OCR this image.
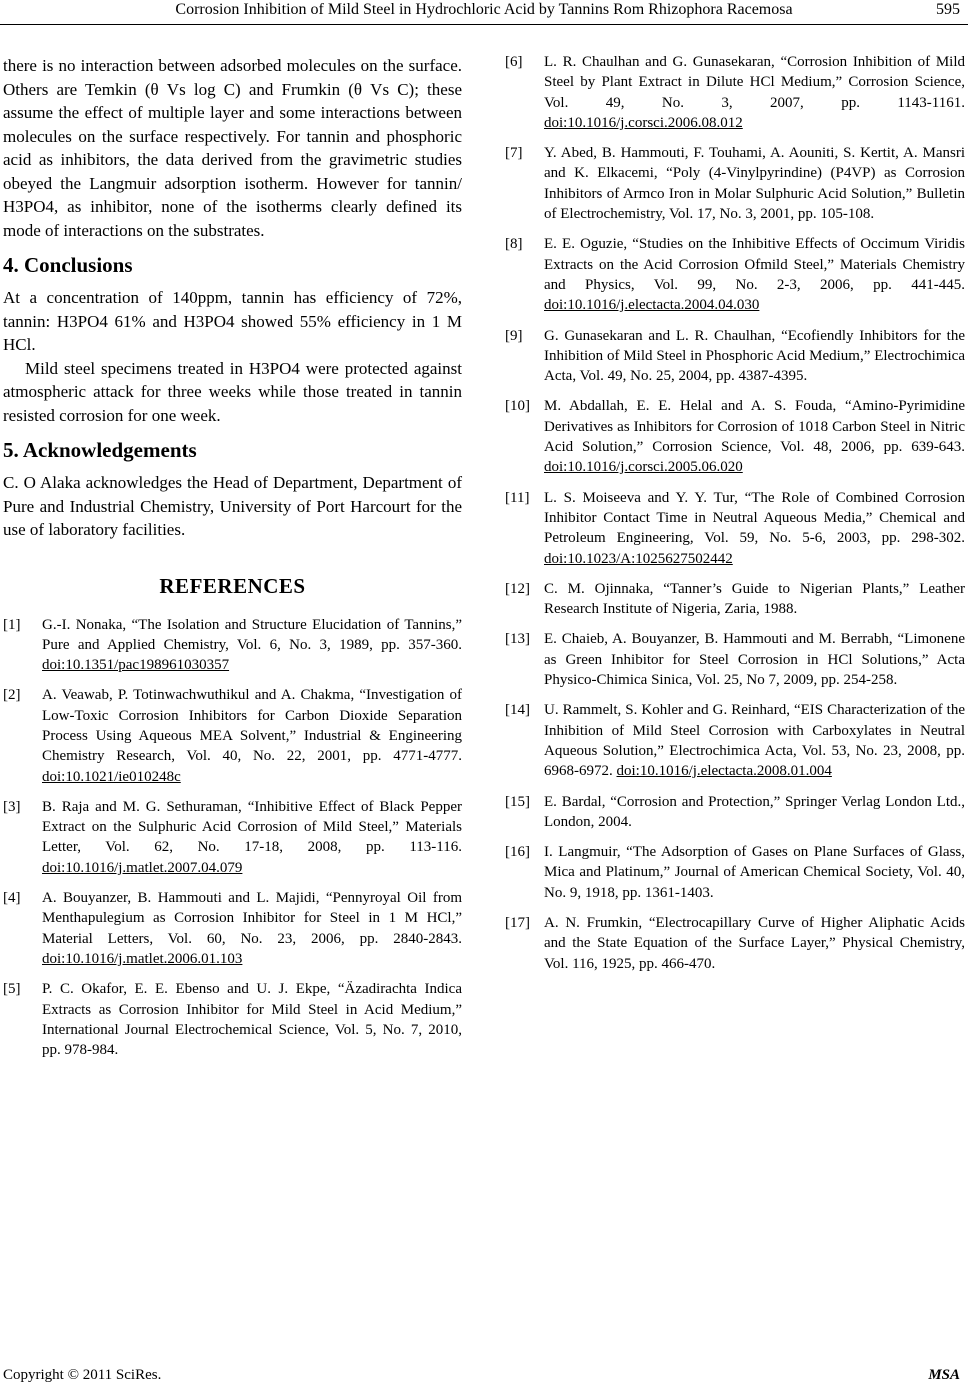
Corrosion Inhibition of Mild Steel in Hydrochloric Acid by Tannins Rom Rhizophora Racemosa	595

there is no interaction between adsorbed molecules on the surface. Others are Temkin (θ Vs log C) and Frumkin (θ Vs C); these assume the effect of multiple layer and some interactions between molecules on the surface respectively. For tannin and phosphoric acid as inhibitors, the data derived from the gravimetric studies obeyed the Langmuir adsorption isotherm. However for tannin/ H3PO4, as inhibitor, none of the isotherms clearly defined its mode of interactions on the substrates.

4. Conclusions

At a concentration of 140ppm, tannin has efficiency of 72%, tannin: H3PO4 61% and H3PO4 showed 55% efficiency in 1 M HCl.

Mild steel specimens treated in H3PO4 were protected against atmospheric attack for three weeks while those treated in tannin resisted corrosion for one week.

5. Acknowledgements

C. O Alaka acknowledges the Head of Department, Department of Pure and Industrial Chemistry, University of Port Harcourt for the use of laboratory facilities.

REFERENCES
[1] G.-I. Nonaka, “The Isolation and Structure Elucidation of Tannins,” Pure and Applied Chemistry, Vol. 6, No. 3, 1989, pp. 357-360. doi:10.1351/pac198961030357
[2] A. Veawab, P. Totinwachwuthikul and A. Chakma, “Investigation of Low-Toxic Corrosion Inhibitors for Carbon Dioxide Separation Process Using Aqueous MEA Solvent,” Industrial & Engineering Chemistry Research, Vol. 40, No. 22, 2001, pp. 4771-4777. doi:10.1021/ie010248c
[3] B. Raja and M. G. Sethuraman, “Inhibitive Effect of Black Pepper Extract on the Sulphuric Acid Corrosion of Mild Steel,” Materials Letter, Vol. 62, No. 17-18, 2008, pp. 113-116. doi:10.1016/j.matlet.2007.04.079
[4] A. Bouyanzer, B. Hammouti and L. Majidi, “Pennyroyal Oil from Menthapulegium as Corrosion Inhibitor for Steel in 1 M HCl,” Material Letters, Vol. 60, No. 23, 2006, pp. 2840-2843. doi:10.1016/j.matlet.2006.01.103
[5] P. C. Okafor, E. E. Ebenso and U. J. Ekpe, “Äzadirachta Indica Extracts as Corrosion Inhibitor for Mild Steel in Acid Medium,” International Journal Electrochemical Science, Vol. 5, No. 7, 2010, pp. 978-984.
[6] L. R. Chaulhan and G. Gunasekaran, “Corrosion Inhibition of Mild Steel by Plant Extract in Dilute HCl Medium,” Corrosion Science, Vol. 49, No. 3, 2007, pp. 1143-1161. doi:10.1016/j.corsci.2006.08.012
[7] Y. Abed, B. Hammouti, F. Touhami, A. Aouniti, S. Kertit, A. Mansri and K. Elkacemi, “Poly (4-Vinylpyrindine) (P4VP) as Corrosion Inhibitors of Armco Iron in Molar Sulphuric Acid Solution,” Bulletin of Electrochemistry, Vol. 17, No. 3, 2001, pp. 105-108.
[8] E. E. Oguzie, “Studies on the Inhibitive Effects of Occimum Viridis Extracts on the Acid Corrosion Ofmild Steel,” Materials Chemistry and Physics, Vol. 99, No. 2-3, 2006, pp. 441-445. doi:10.1016/j.electacta.2004.04.030
[9] G. Gunasekaran and L. R. Chaulhan, “Ecofiendly Inhibitors for the Inhibition of Mild Steel in Phosphoric Acid Medium,” Electrochimica Acta, Vol. 49, No. 25, 2004, pp. 4387-4395.
[10] M. Abdallah, E. E. Helal and A. S. Fouda, “Amino-Pyrimidine Derivatives as Inhibitors for Corrosion of 1018 Carbon Steel in Nitric Acid Solution,” Corrosion Science, Vol. 48, 2006, pp. 639-643. doi:10.1016/j.corsci.2005.06.020
[11] L. S. Moiseeva and Y. Y. Tur, “The Role of Combined Corrosion Inhibitor Contact Time in Neutral Aqueous Media,” Chemical and Petroleum Engineering, Vol. 59, No. 5-6, 2003, pp. 298-302. doi:10.1023/A:1025627502442
[12] C. M. Ojinnaka, “Tanner’s Guide to Nigerian Plants,” Leather Research Institute of Nigeria, Zaria, 1988.
[13] E. Chaieb, A. Bouyanzer, B. Hammouti and M. Berrabh, “Limonene as Green Inhibitor for Steel Corrosion in HCl Solutions,” Acta Physico-Chimica Sinica, Vol. 25, No 7, 2009, pp. 254-258.
[14] U. Rammelt, S. Kohler and G. Reinhard, “EIS Characterization of the Inhibition of Mild Steel Corrosion with Carboxylates in Neutral Aqueous Solution,” Electrochimica Acta, Vol. 53, No. 23, 2008, pp. 6968-6972. doi:10.1016/j.electacta.2008.01.004
[15] E. Bardal, “Corrosion and Protection,” Springer Verlag London Ltd., London, 2004.
[16] I. Langmuir, “The Adsorption of Gases on Plane Surfaces of Glass, Mica and Platinum,” Journal of American Chemical Society, Vol. 40, No. 9, 1918, pp. 1361-1403.
[17] A. N. Frumkin, “Electrocapillary Curve of Higher Aliphatic Acids and the State Equation of the Surface Layer,” Physical Chemistry, Vol. 116, 1925, pp. 466-470.
Copyright © 2011 SciRes.	MSA
